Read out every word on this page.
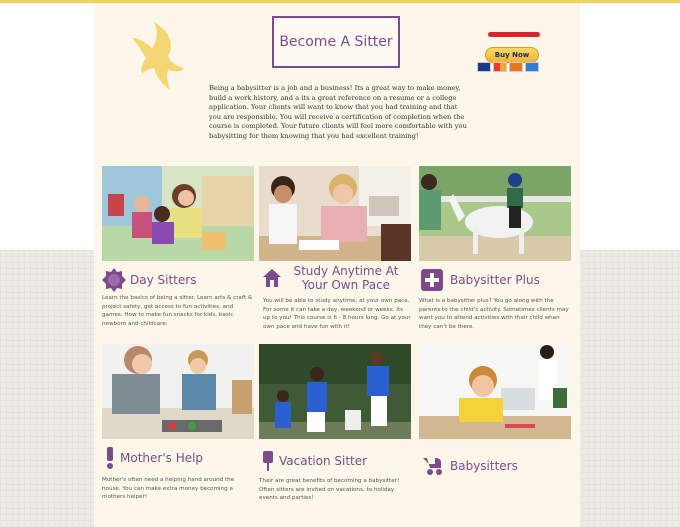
Become A Sitter
Buy Now
Being a babysitter is a job and a business! Its a great way to make money, build a work history, and a its a great reference on a resume or a college application. Your clients will want to know that you had training and that you are responsible. You will receive a certification of completion when the course is completed. Your future clients will feel more comfortable with you babysitting for them knowing that you had excellent training!
Day Sitters
Learn the basics of being a sitter. Learn arts & craft & project safety, get access to fun activities, and games. How to make fun snacks for kids, basic newborn and childcare.
Study Anytime At Your Own Pace
You will be able to study anytime, at your own pace. For some it can take a day, weekend or weeks. Its up to you! This course is 6 - 8 hours long. Go at your own pace and have fun with it!
Babysitter Plus
What is a babysitter plus? You go along with the parents to the child's activity. Sometimes clients may want you to attend activities with their child when they can't be there.
Mother's Help
Mother's often need a helping hand around the house. You can make extra money becoming a mothers helper!
Vacation Sitter
Their are great benefits of becoming a babysitter! Often sitters are invited on vacations, to holiday events and parties!
Babysitters
